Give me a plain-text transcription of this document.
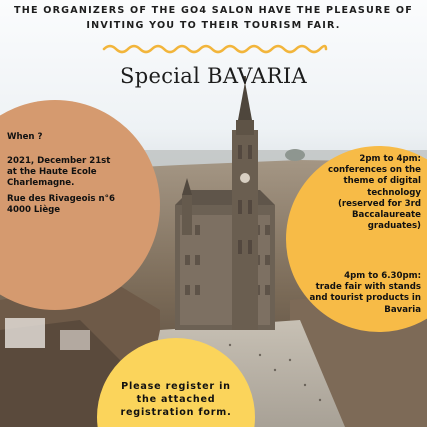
THE ORGANIZERS OF THE GO4 SALON HAVE THE PLEASURE OF
INVITING YOU TO THEIR TOURISM FAIR.
Special BAVARIA
When ?
2021, December 21st
at the Haute Ecole
Charlemagne.
Rue des Rivageois n°6
4000 Liège
2pm to 4pm:
conferences on the
theme of digital
technology
(reserved for 3rd
Baccalaureate
graduates)
4pm to 6.30pm:
trade fair with stands
and tourist products in
Bavaria
Please register in
the attached
registration form.
